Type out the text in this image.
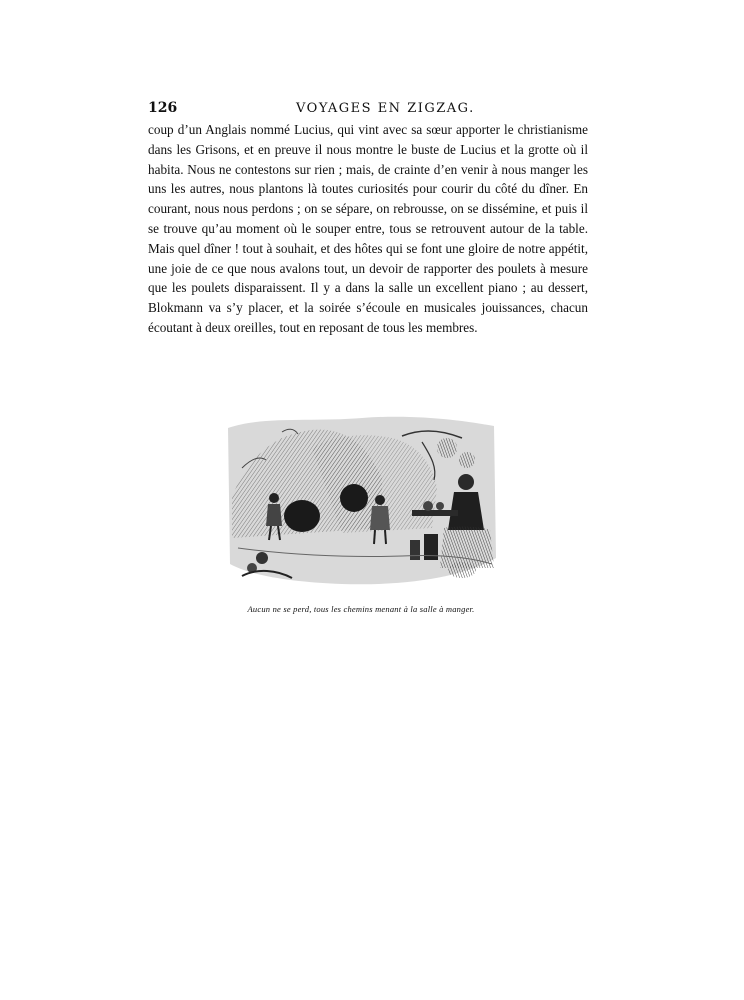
126	VOYAGES EN ZIGZAG.

coup d’un Anglais nommé Lucius, qui vint avec sa sœur apporter le christianisme dans les Grisons, et en preuve il nous montre le buste de Lucius et la grotte où il habita. Nous ne contestons sur rien ; mais, de crainte d’en venir à nous manger les uns les autres, nous plantons là toutes curiosités pour courir du côté du dîner. En courant, nous nous perdons ; on se sépare, on rebrousse, on se dissémine, et puis il se trouve qu’au moment où le souper entre, tous se retrouvent autour de la table. Mais quel dîner ! tout à souhait, et des hôtes qui se font une gloire de notre appétit, une joie de ce que nous avalons tout, un devoir de rapporter des poulets à mesure que les poulets disparaissent. Il y a dans la salle un excellent piano ; au dessert, Blokmann va s’y placer, et la soirée s’écoule en musicales jouissances, chacun écoutant à deux oreilles, tout en reposant de tous les membres.

Aucun ne se perd, tous les chemins menant à la salle à manger.
